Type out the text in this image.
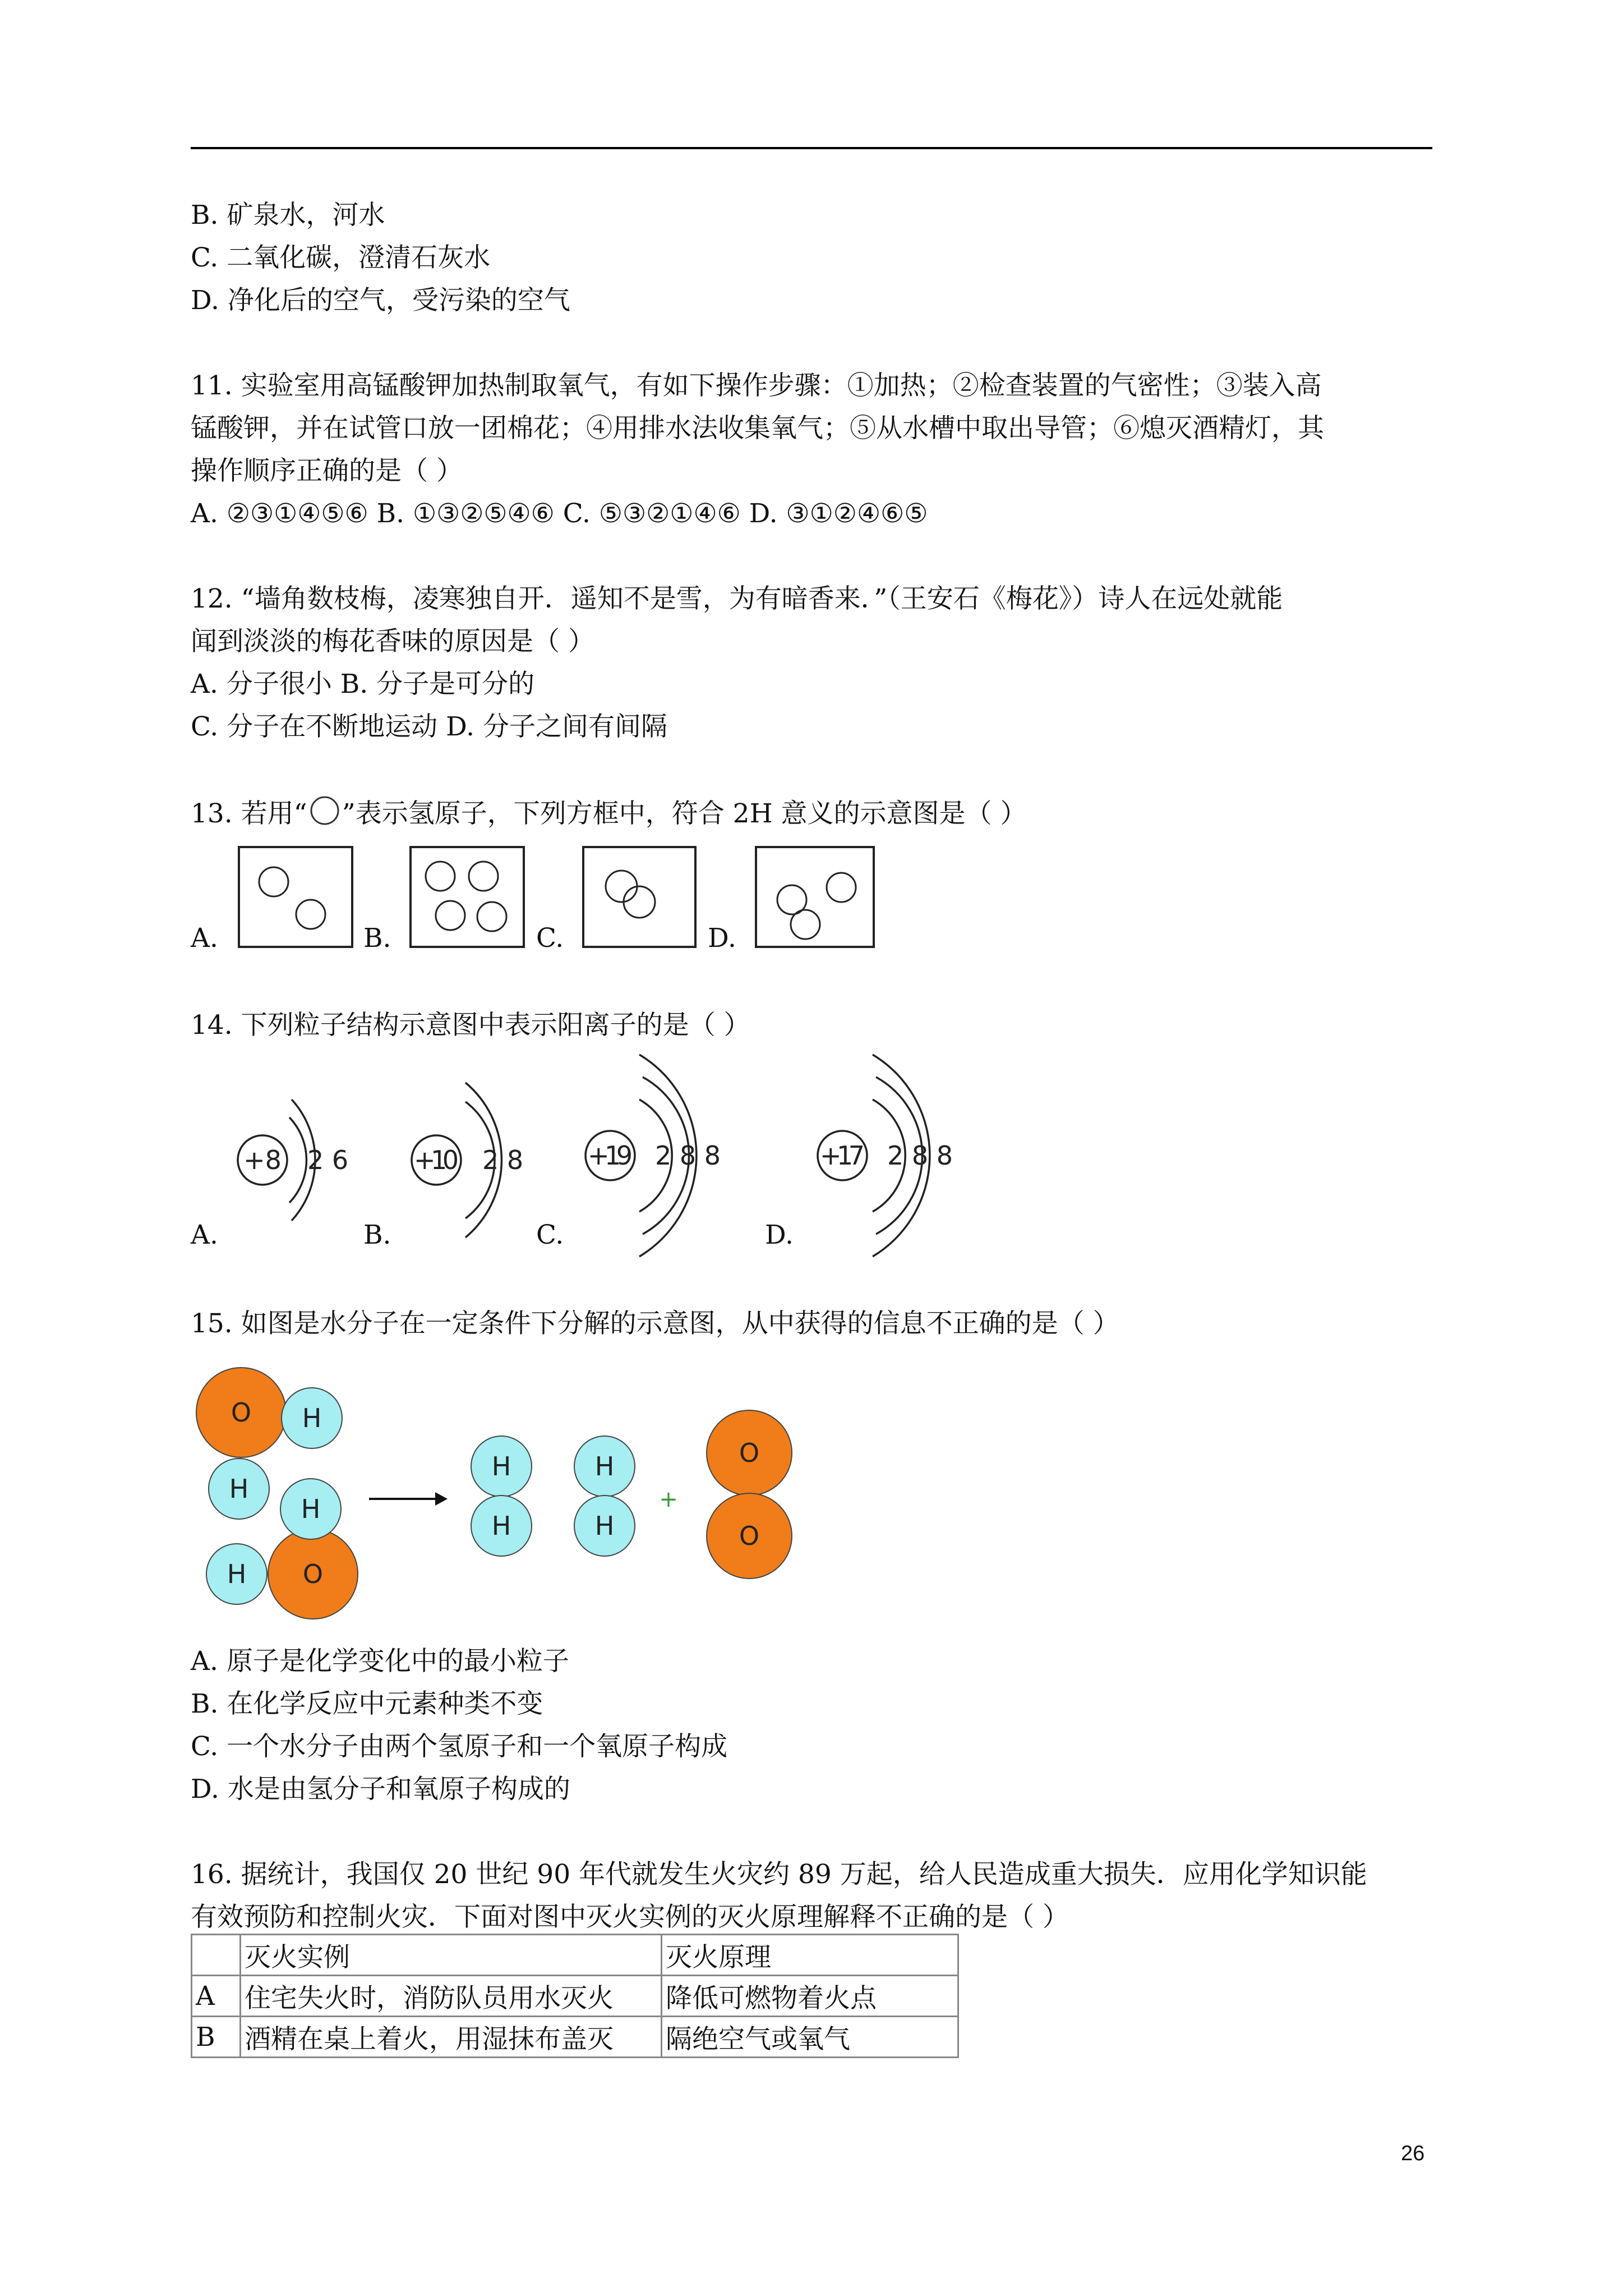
B. 矿泉水，河水
C. 二氧化碳，澄清石灰水
D. 净化后的空气，受污染的空气
11. 实验室用高锰酸钾加热制取氧气，有如下操作步骤：①加热；②检查装置的气密性；③装入高
锰酸钾，并在试管口放一团棉花；④用排水法收集氧气；⑤从水槽中取出导管；⑥熄灭酒精灯，其
操作顺序正确的是（ ）
A. ②③①④⑤⑥ B. ①③②⑤④⑥ C. ⑤③②①④⑥ D. ③①②④⑥⑤
12. “墙角数枝梅，凌寒独自开．遥知不是雪，为有暗香来．”（王安石《梅花》）诗人在远处就能
闻到淡淡的梅花香味的原因是（ ）
A. 分子很小 B. 分子是可分的
C. 分子在不断地运动 D. 分子之间有间隔
13. 若用“ ”表示氢原子，下列方框中，符合 2H 意义的示意图是（ ）
A.	B.	C.	D.
14. 下列粒子结构示意图中表示阳离子的是（ ）
+8 2 6	+10 2 8 +19 2 8 8	+17 2 8 8
A.	B.	C.	D.
15. 如图是水分子在一定条件下分解的示意图，从中获得的信息不正确的是（ ）
O H
H
H
H O
H
H
H
H
+
O
O
A. 原子是化学变化中的最小粒子
B. 在化学反应中元素种类不变
C. 一个水分子由两个氢原子和一个氧原子构成
D. 水是由氢分子和氧原子构成的
16. 据统计，我国仅 20 世纪 90 年代就发生火灾约 89 万起，给人民造成重大损失．应用化学知识能
有效预防和控制火灾．下面对图中灭火实例的灭火原理解释不正确的是（ ）
	灭火实例	灭火原理
A	住宅失火时，消防队员用水灭火	降低可燃物着火点
B	酒精在桌上着火，用湿抹布盖灭	隔绝空气或氧气
26
